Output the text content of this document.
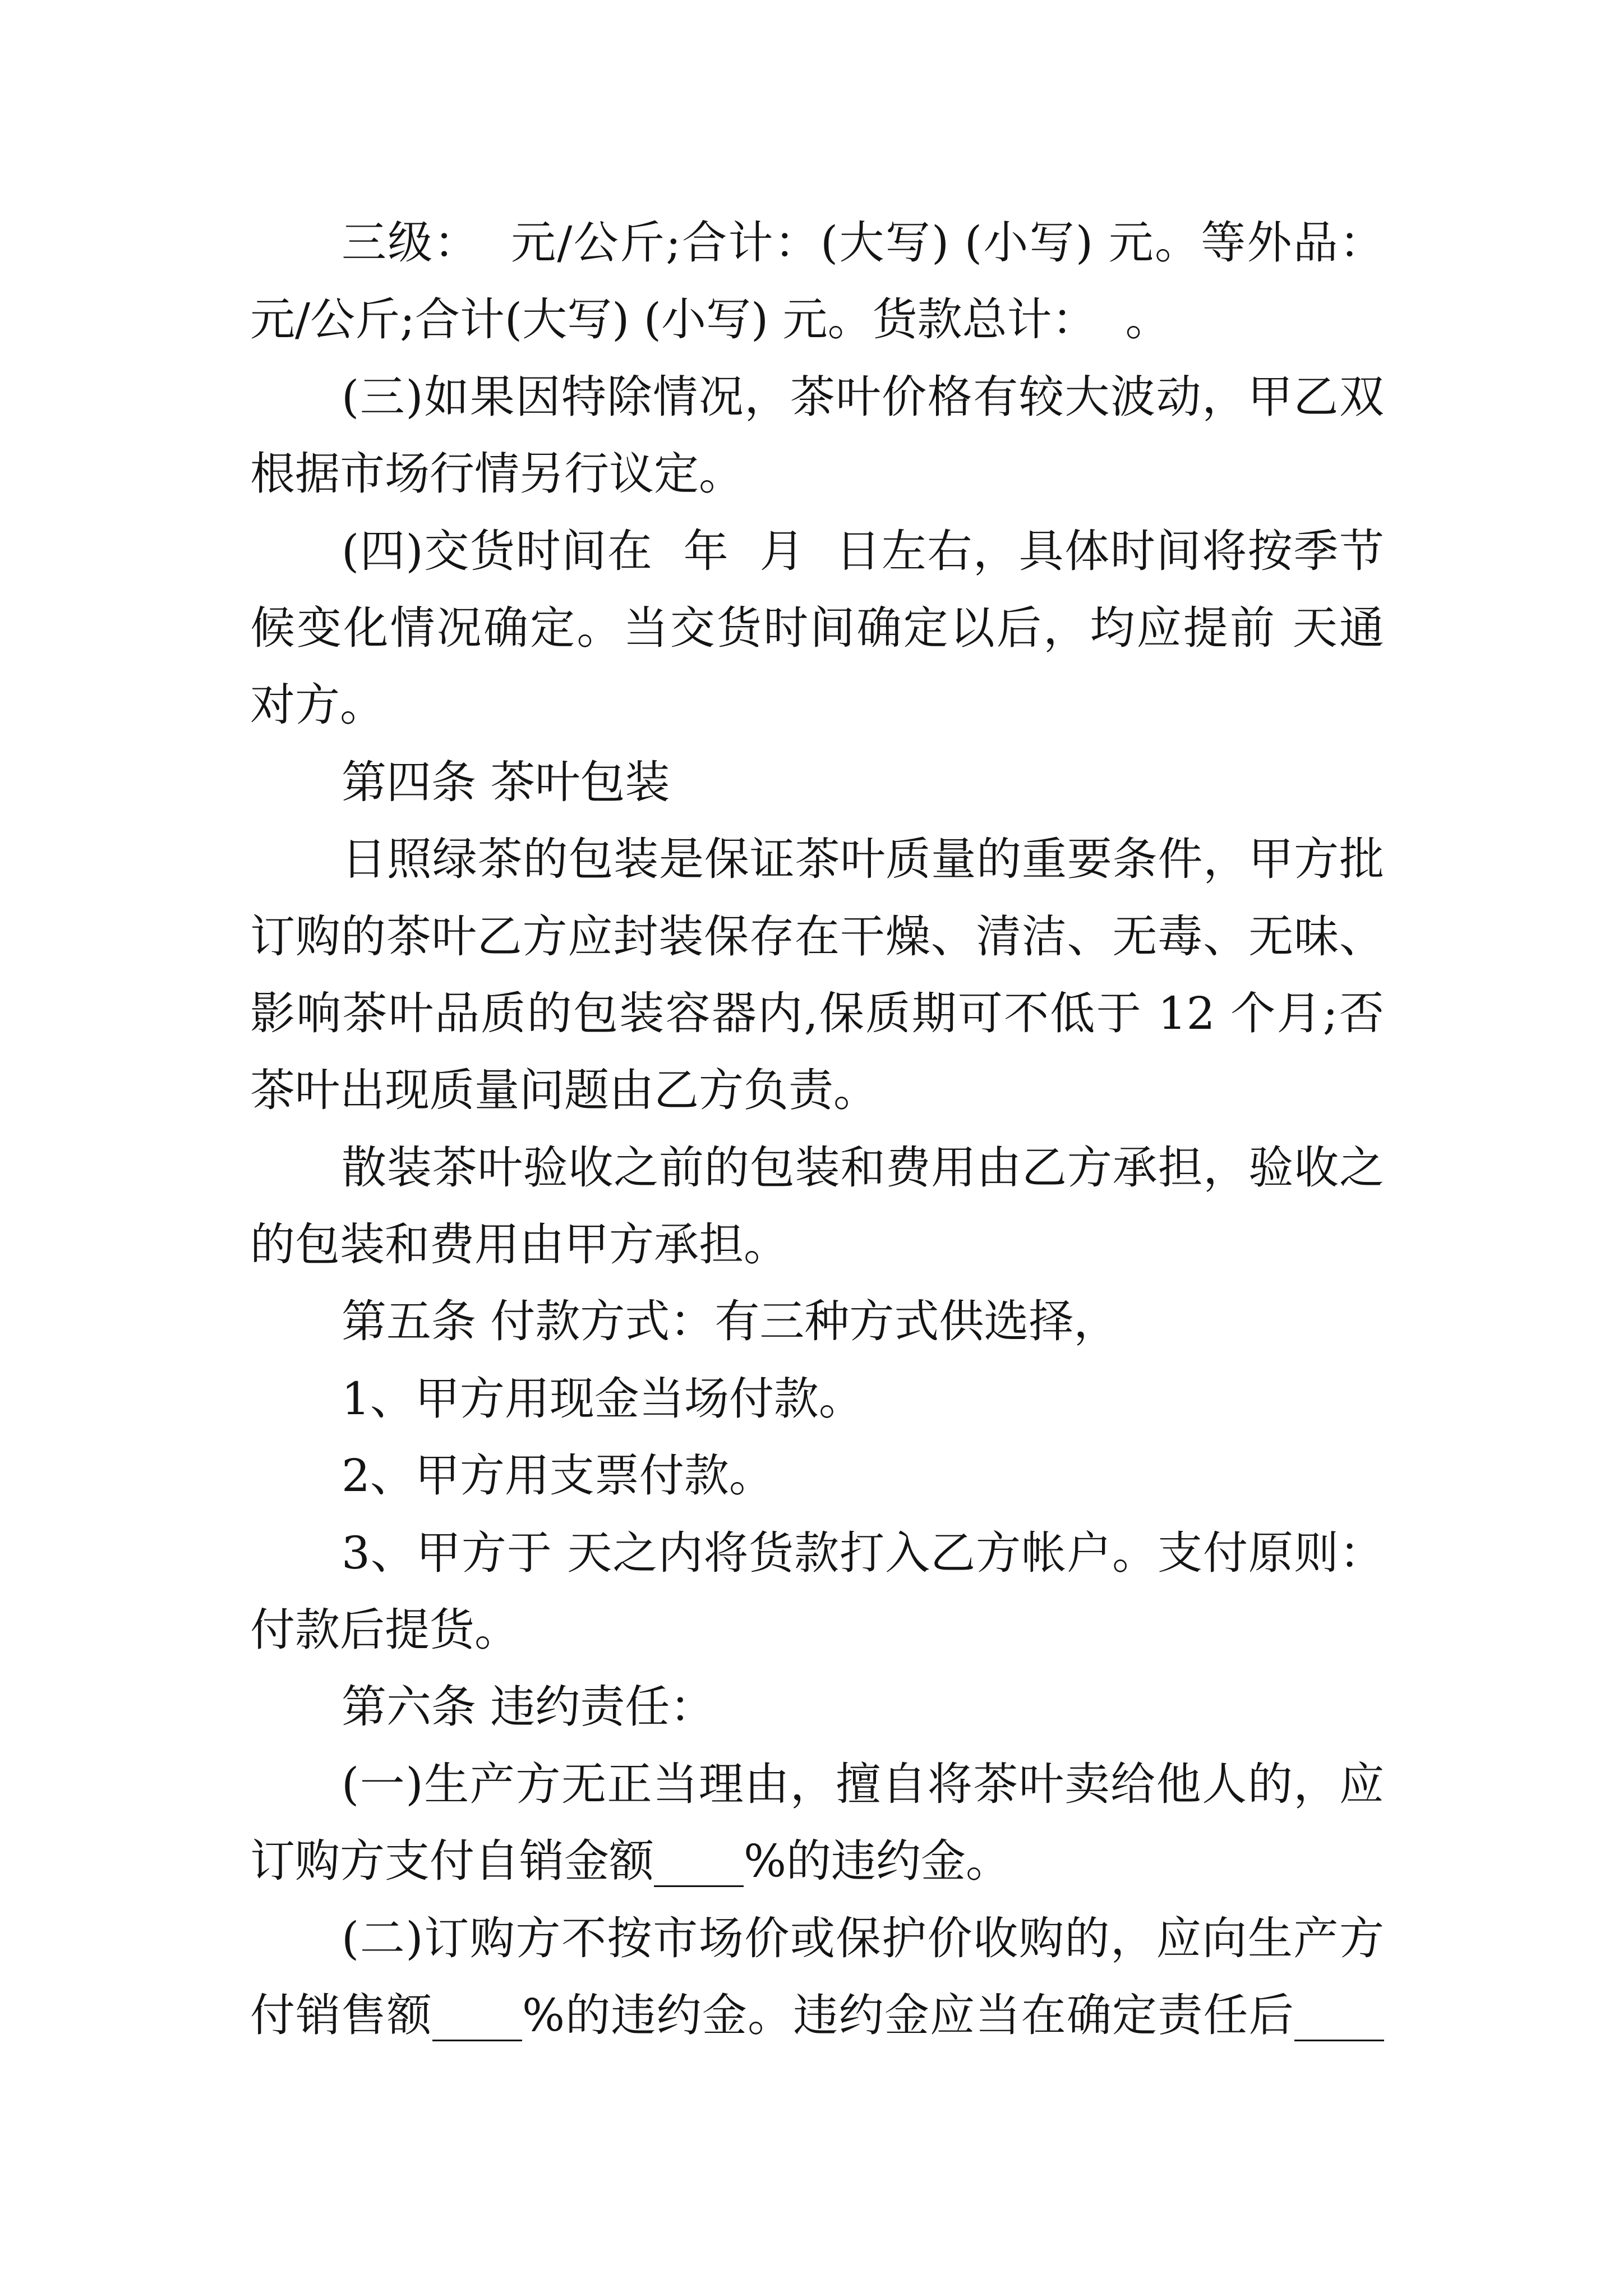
三级：  元/公斤;合计：(大写) (小写) 元。等外品：
元/公斤;合计(大写) (小写) 元。货款总计：  。
(三)如果因特除情况，茶叶价格有较大波动，甲乙双
根据市场行情另行议定。
(四)交货时间在  年  月  日左右，具体时间将按季节
候变化情况确定。当交货时间确定以后，均应提前 天通
对方。
第四条 茶叶包装
日照绿茶的包装是保证茶叶质量的重要条件，甲方批
订购的茶叶乙方应封装保存在干燥、清洁、无毒、无味、
影响茶叶品质的包装容器内,保质期可不低于 12 个月;否
茶叶出现质量问题由乙方负责。
散装茶叶验收之前的包装和费用由乙方承担，验收之
的包装和费用由甲方承担。
第五条 付款方式：有三种方式供选择，
1、甲方用现金当场付款。
2、甲方用支票付款。
3、甲方于 天之内将货款打入乙方帐户。支付原则：
付款后提货。
第六条 违约责任：
(一)生产方无正当理由，擅自将茶叶卖给他人的，应
订购方支付自销金额____%的违约金。
(二)订购方不按市场价或保护价收购的，应向生产方
付销售额____%的违约金。违约金应当在确定责任后____
